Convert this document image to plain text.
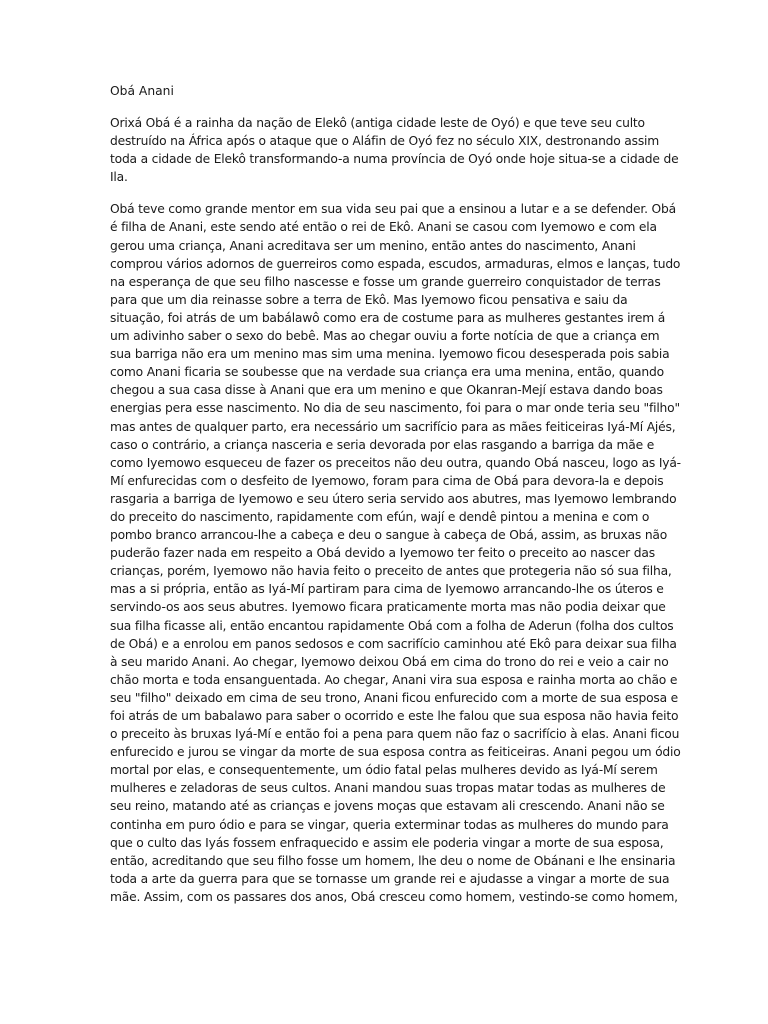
Obá Anani
Orixá Obá é a rainha da nação de Elekô (antiga cidade leste de Oyó) e que teve seu culto
destruído na África após o ataque que o Aláfin de Oyó fez no século XIX, destronando assim
toda a cidade de Elekô transformando-a numa província de Oyó onde hoje situa-se a cidade de
Ila.
Obá teve como grande mentor em sua vida seu pai que a ensinou a lutar e a se defender. Obá
é filha de Anani, este sendo até então o rei de Ekô. Anani se casou com Iyemowo e com ela
gerou uma criança, Anani acreditava ser um menino, então antes do nascimento, Anani
comprou vários adornos de guerreiros como espada, escudos, armaduras, elmos e lanças, tudo
na esperança de que seu filho nascesse e fosse um grande guerreiro conquistador de terras
para que um dia reinasse sobre a terra de Ekô. Mas Iyemowo ficou pensativa e saiu da
situação, foi atrás de um babálawô como era de costume para as mulheres gestantes irem á
um adivinho saber o sexo do bebê. Mas ao chegar ouviu a forte notícia de que a criança em
sua barriga não era um menino mas sim uma menina. Iyemowo ficou desesperada pois sabia
como Anani ficaria se soubesse que na verdade sua criança era uma menina, então, quando
chegou a sua casa disse à Anani que era um menino e que Okanran-Mejí estava dando boas
energias pera esse nascimento. No dia de seu nascimento, foi para o mar onde teria seu "filho"
mas antes de qualquer parto, era necessário um sacrifício para as mães feiticeiras Iyá-Mí Ajés,
caso o contrário, a criança nasceria e seria devorada por elas rasgando a barriga da mãe e
como Iyemowo esqueceu de fazer os preceitos não deu outra, quando Obá nasceu, logo as Iyá-
Mí enfurecidas com o desfeito de Iyemowo, foram para cima de Obá para devora-la e depois
rasgaria a barriga de Iyemowo e seu útero seria servido aos abutres, mas Iyemowo lembrando
do preceito do nascimento, rapidamente com efún, wají e dendê pintou a menina e com o
pombo branco arrancou-lhe a cabeça e deu o sangue à cabeça de Obá, assim, as bruxas não
puderão fazer nada em respeito a Obá devido a Iyemowo ter feito o preceito ao nascer das
crianças, porém, Iyemowo não havia feito o preceito de antes que protegeria não só sua filha,
mas a si própria, então as Iyá-Mí partiram para cima de Iyemowo arrancando-lhe os úteros e
servindo-os aos seus abutres. Iyemowo ficara praticamente morta mas não podia deixar que
sua filha ficasse ali, então encantou rapidamente Obá com a folha de Aderun (folha dos cultos
de Obá) e a enrolou em panos sedosos e com sacrifício caminhou até Ekô para deixar sua filha
à seu marido Anani. Ao chegar, Iyemowo deixou Obá em cima do trono do rei e veio a cair no
chão morta e toda ensanguentada. Ao chegar, Anani vira sua esposa e rainha morta ao chão e
seu "filho" deixado em cima de seu trono, Anani ficou enfurecido com a morte de sua esposa e
foi atrás de um babalawo para saber o ocorrido e este lhe falou que sua esposa não havia feito
o preceito às bruxas Iyá-Mí e então foi a pena para quem não faz o sacrifício à elas. Anani ficou
enfurecido e jurou se vingar da morte de sua esposa contra as feiticeiras. Anani pegou um ódio
mortal por elas, e consequentemente, um ódio fatal pelas mulheres devido as Iyá-Mí serem
mulheres e zeladoras de seus cultos. Anani mandou suas tropas matar todas as mulheres de
seu reino, matando até as crianças e jovens moças que estavam ali crescendo. Anani não se
continha em puro ódio e para se vingar, queria exterminar todas as mulheres do mundo para
que o culto das Iyás fossem enfraquecido e assim ele poderia vingar a morte de sua esposa,
então, acreditando que seu filho fosse um homem, lhe deu o nome de Obánani e lhe ensinaria
toda a arte da guerra para que se tornasse um grande rei e ajudasse a vingar a morte de sua
mãe. Assim, com os passares dos anos, Obá cresceu como homem, vestindo-se como homem,
